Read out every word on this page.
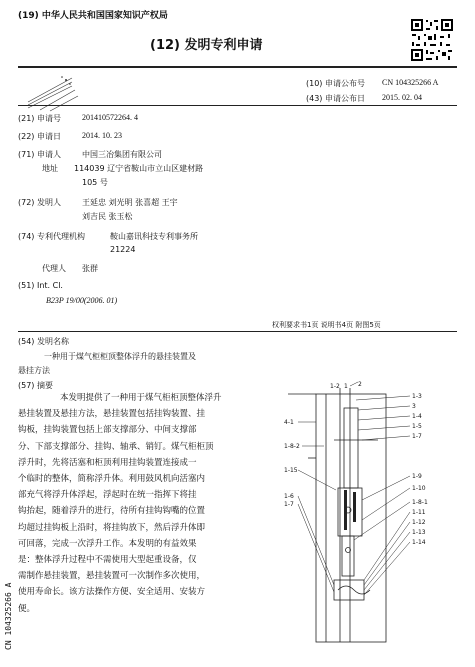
(19) 中华人民共和国国家知识产权局
(12) 发明专利申请
(10) 申请公布号 CN 104325266 A
(43) 申请公布日 2015. 02. 04
(21) 申请号	201410572264. 4
(22) 申请日	2014. 10. 23
(71) 申请人	中国三冶集团有限公司
地址 114039 辽宁省鞍山市立山区建材路
105 号
(72) 发明人	王延忠 刘光明 张喜超 王宇
刘吉民 张玉松
(74) 专利代理机构	鞍山嘉讯科技专利事务所
21224
代理人 张群
(51) Int. Cl.
B23P 19/00(2006. 01)
权利要求书1页 说明书4页 附图5页
(54) 发明名称
一种用于煤气柜柜顶整体浮升的悬挂装置及
悬挂方法
(57) 摘要
本发明提供了一种用于煤气柜柜顶整体浮升
悬挂装置及悬挂方法，悬挂装置包括挂钩装置、挂
钩板，挂钩装置包括上部支撑部分、中间支撑部
分、下部支撑部分、挂钩、轴承、销钉。煤气柜柜顶
浮升时，先将活塞和柜顶利用挂钩装置连接成一
个临时的整体，简称浮升体。利用鼓风机向活塞内
部充气将浮升体浮起，浮起时在统一指挥下将挂
钩抬起，随着浮升的进行，待所有挂钩钩嘴的位置
均超过挂钩板上沿时，将挂钩放下，然后浮升体即
可回落，完成一次浮升工作。本发明的有益效果
是：整体浮升过程中不需使用大型起重设备，仅
需制作悬挂装置，悬挂装置可一次制作多次使用，
使用寿命长。该方法操作方便、安全适用、安装方
便。
CN 104325266 A
1-2 1 2
1-3
3
1-4
1-5
1-7
1-9
1-10
1-8-1
1-11
1-12
1-13
1-14
4-1
1-8-2
1-15
1-6
1-7
